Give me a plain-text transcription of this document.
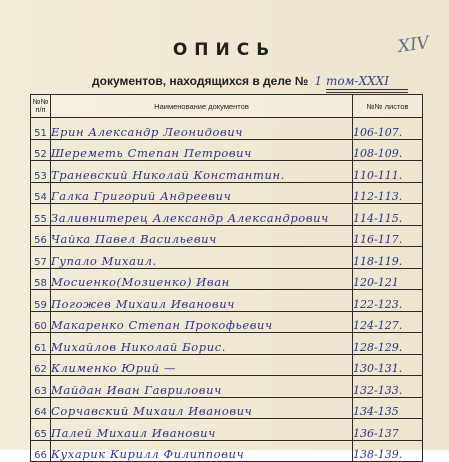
XIV
ОПИСЬ
документов, находящихся в деле № 1 том-XXXI
№№ п/п	Наименование документов	№№ листов
51	Ерин Александр Леонидович	106-107.
52	Шереметь Степан Петрович	108-109.
53	Траневский Николай Константин.	110-111.
54	Галка Григорий Андреевич	112-113.
55	Заливнитерец Александр Александрович	114-115.
56	Чайка Павел Васильевич	116-117.
57	Гупало Михаил.	118-119.
58	Мосиенко(Мозиенко) Иван	120-121
59	Погожев Михаил Иванович	122-123.
60	Макаренко Степан Прокофьевич	124-127.
61	Михайлов Николай Борис.	128-129.
62	Клименко Юрий —	130-131.
63	Майдан Иван Гаврилович	132-133.
64	Сорчавский Михаил Иванович	134-135
65	Палей Михаил Иванович	136-137
66	Кухарик Кирилл Филиппович	138-139.
